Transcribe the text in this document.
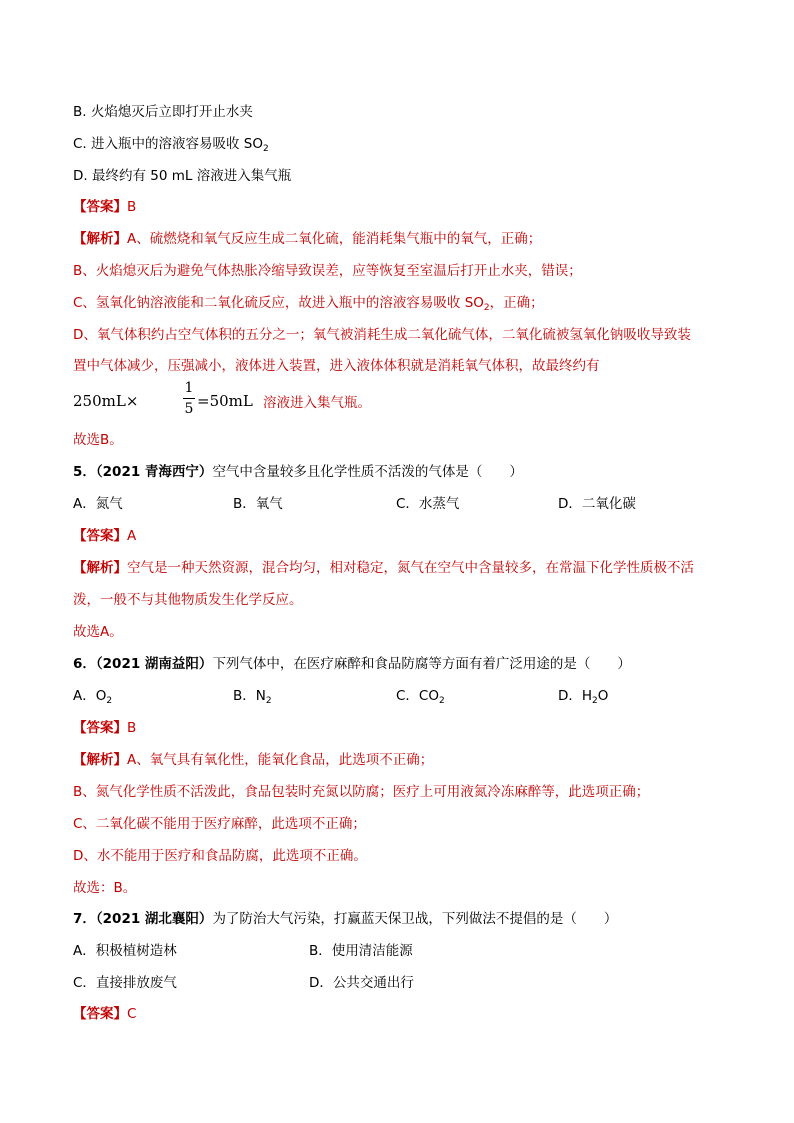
B. 火焰熄灭后立即打开止水夹
C. 进入瓶中的溶液容易吸收 $SO_2$
D. 最终约有 50 mL 溶液进入集气瓶
【答案】B
【解析】A、硫燃烧和氧气反应生成二氧化硫，能消耗集气瓶中的氧气，正确；
B、火焰熄灭后为避免气体热胀冷缩导致误差，应等恢复至室温后打开止水夹，错误；
C、氢氧化钠溶液能和二氧化硫反应，故进入瓶中的溶液容易吸收 $SO_2$，正确；
D、氧气体积约占空气体积的五分之一；氧气被消耗生成二氧化硫气体，二氧化硫被氢氧化钠吸收导致装
置中气体减少，压强减小，液体进入装置，进入液体体积就是消耗氧气体积，故最终约有
250mL×
1
5 =50mL 溶液进入集气瓶。
故选B。
5．（2021 青海西宁）空气中含量较多且化学性质不活泼的气体是（　　）
A．氮气	B．氧气	C．水蒸气	D．二氧化碳
【答案】A
【解析】空气是一种天然资源，混合均匀，相对稳定，氮气在空气中含量较多，在常温下化学性质极不活
泼，一般不与其他物质发生化学反应。
故选A。
6．（2021 湖南益阳）下列气体中，在医疗麻醉和食品防腐等方面有着广泛用途的是（　　）
A．$O_2$	B．$N_2$	C．$CO_2$	D．$H_2O$
【答案】B
【解析】A、氧气具有氧化性，能氧化食品，此选项不正确；
B、氮气化学性质不活泼此，食品包装时充氮以防腐；医疗上可用液氮冷冻麻醉等，此选项正确；
C、二氧化碳不能用于医疗麻醉，此选项不正确；
D、水不能用于医疗和食品防腐，此选项不正确。
故选：B。
7．（2021 湖北襄阳）为了防治大气污染，打赢蓝天保卫战，下列做法不提倡的是（　　）
A．积极植树造林	B．使用清洁能源
C．直接排放废气	D．公共交通出行
【答案】C
